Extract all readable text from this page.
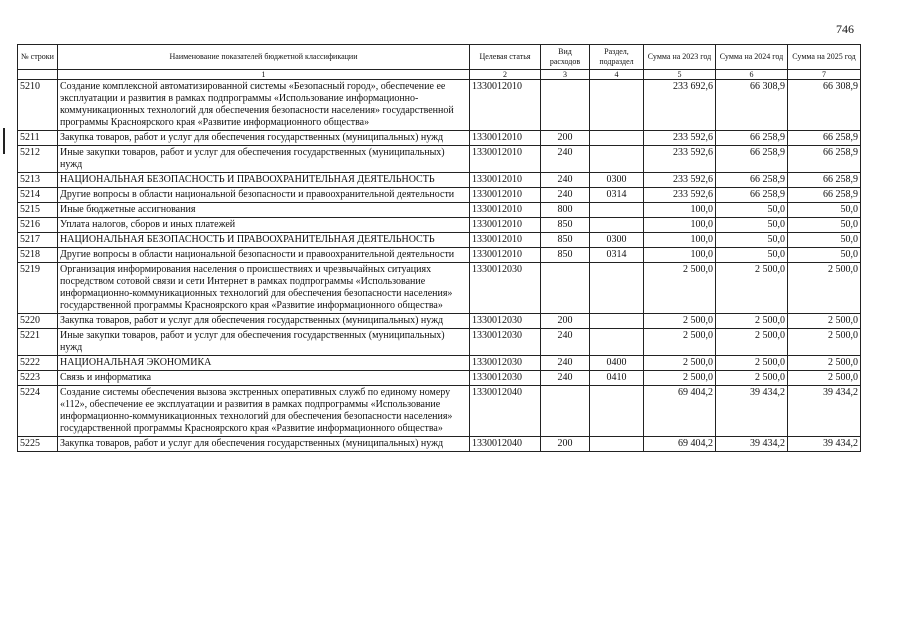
746
№ строки	Наименование показателей бюджетной классификации	Целевая статья	Вид расходов	Раздел, подраздел	Сумма на 2023 год	Сумма на 2024 год	Сумма на 2025 год
	1	2	3	4	5	6	7
5210	Создание комплексной автоматизированной системы «Безопасный город», обеспечение ее эксплуатации и развития в рамках подпрограммы «Использование информационно-коммуникационных технологий для обеспечения безопасности населения» государственной программы Красноярского края «Развитие информационного общества»	1330012010			233 692,6	66 308,9	66 308,9
5211	Закупка товаров, работ и услуг для обеспечения государственных (муниципальных) нужд	1330012010	200		233 592,6	66 258,9	66 258,9
5212	Иные закупки товаров, работ и услуг для обеспечения государственных (муниципальных) нужд	1330012010	240		233 592,6	66 258,9	66 258,9
5213	НАЦИОНАЛЬНАЯ БЕЗОПАСНОСТЬ И ПРАВООХРАНИТЕЛЬНАЯ ДЕЯТЕЛЬНОСТЬ	1330012010	240	0300	233 592,6	66 258,9	66 258,9
5214	Другие вопросы в области национальной безопасности и правоохранительной деятельности	1330012010	240	0314	233 592,6	66 258,9	66 258,9
5215	Иные бюджетные ассигнования	1330012010	800		100,0	50,0	50,0
5216	Уплата налогов, сборов и иных платежей	1330012010	850		100,0	50,0	50,0
5217	НАЦИОНАЛЬНАЯ БЕЗОПАСНОСТЬ И ПРАВООХРАНИТЕЛЬНАЯ ДЕЯТЕЛЬНОСТЬ	1330012010	850	0300	100,0	50,0	50,0
5218	Другие вопросы в области национальной безопасности и правоохранительной деятельности	1330012010	850	0314	100,0	50,0	50,0
5219	Организация информирования населения о происшествиях и чрезвычайных ситуациях посредством сотовой связи и сети Интернет в рамках подпрограммы «Использование информационно-коммуникационных технологий для обеспечения безопасности населения» государственной программы Красноярского края «Развитие информационного общества»	1330012030			2 500,0	2 500,0	2 500,0
5220	Закупка товаров, работ и услуг для обеспечения государственных (муниципальных) нужд	1330012030	200		2 500,0	2 500,0	2 500,0
5221	Иные закупки товаров, работ и услуг для обеспечения государственных (муниципальных) нужд	1330012030	240		2 500,0	2 500,0	2 500,0
5222	НАЦИОНАЛЬНАЯ ЭКОНОМИКА	1330012030	240	0400	2 500,0	2 500,0	2 500,0
5223	Связь и информатика	1330012030	240	0410	2 500,0	2 500,0	2 500,0
5224	Создание системы обеспечения вызова экстренных оперативных служб по единому номеру «112», обеспечение ее эксплуатации и развития в рамках подпрограммы «Использование информационно-коммуникационных технологий для обеспечения безопасности населения» государственной программы Красноярского края «Развитие информационного общества»	1330012040			69 404,2	39 434,2	39 434,2
5225	Закупка товаров, работ и услуг для обеспечения государственных (муниципальных) нужд	1330012040	200		69 404,2	39 434,2	39 434,2
